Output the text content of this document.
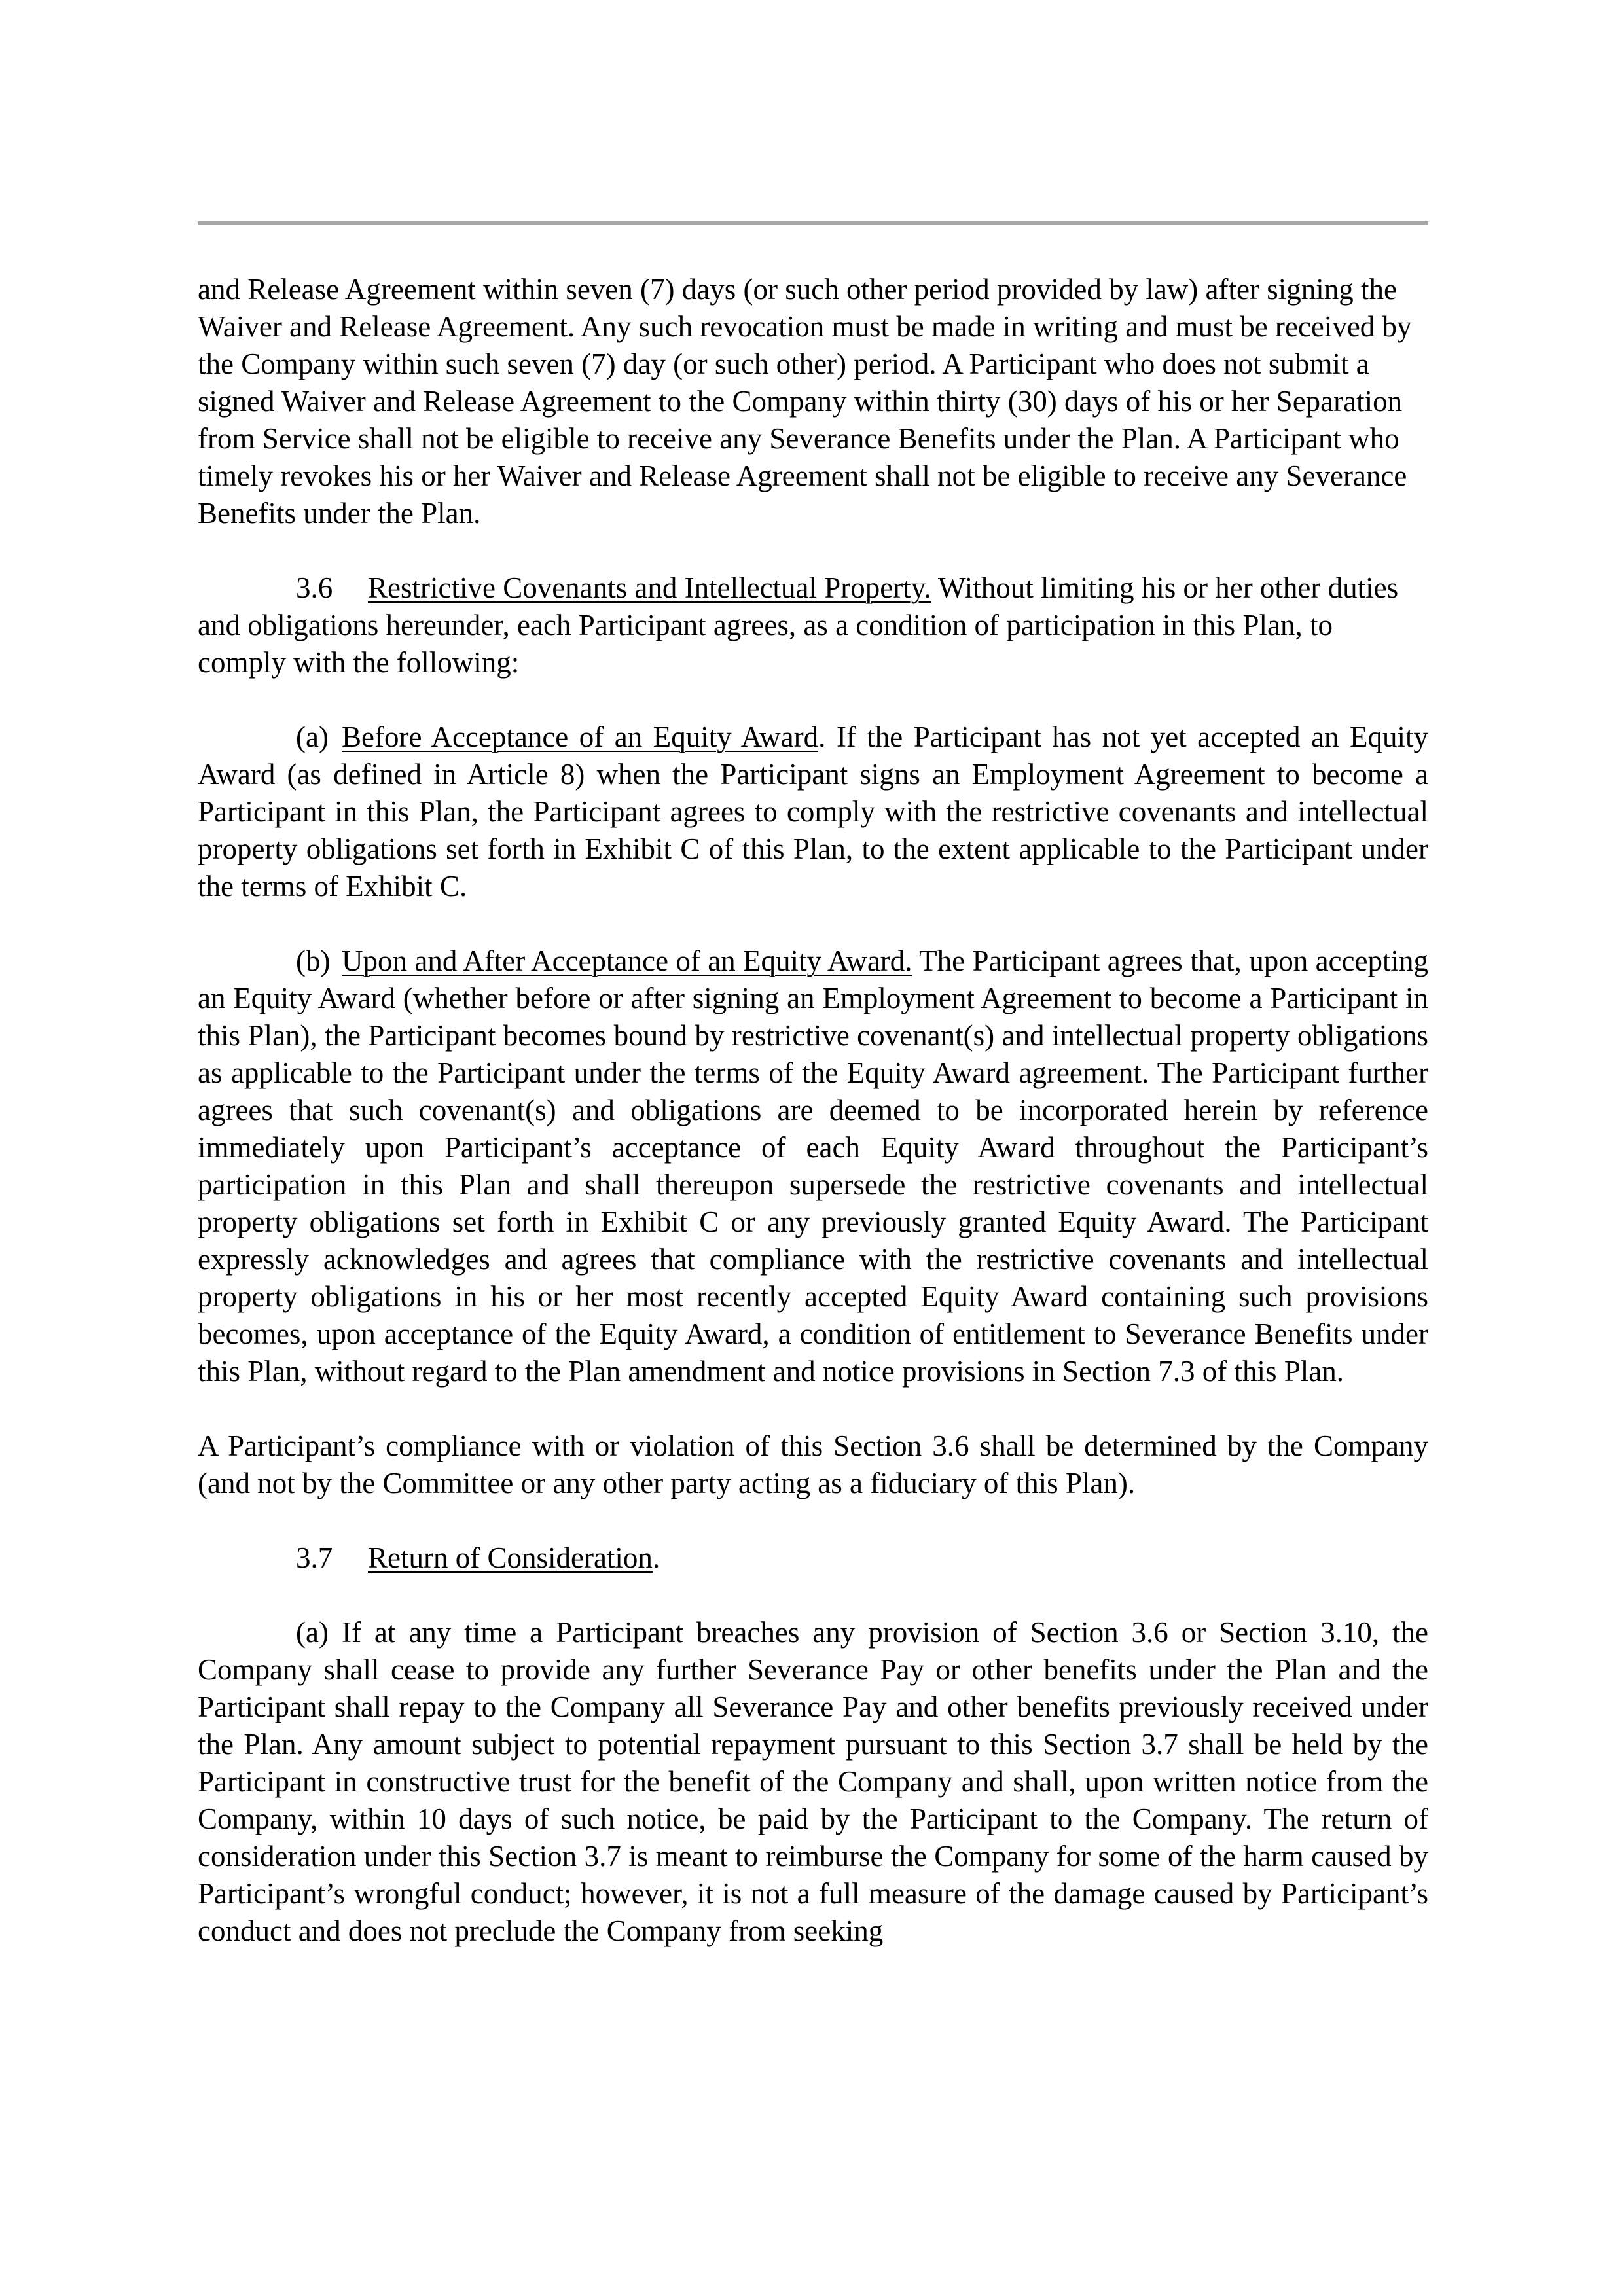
and Release Agreement within seven (7) days (or such other period provided by law) after signing the Waiver and Release Agreement. Any such revocation must be made in writing and must be received by the Company within such seven (7) day (or such other) period. A Participant who does not submit a signed Waiver and Release Agreement to the Company within thirty (30) days of his or her Separation from Service shall not be eligible to receive any Severance Benefits under the Plan. A Participant who timely revokes his or her Waiver and Release Agreement shall not be eligible to receive any Severance Benefits under the Plan.

3.6 Restrictive Covenants and Intellectual Property. Without limiting his or her other duties and obligations hereunder, each Participant agrees, as a condition of participation in this Plan, to comply with the following:

(a) Before Acceptance of an Equity Award. If the Participant has not yet accepted an Equity Award (as defined in Article 8) when the Participant signs an Employment Agreement to become a Participant in this Plan, the Participant agrees to comply with the restrictive covenants and intellectual property obligations set forth in Exhibit C of this Plan, to the extent applicable to the Participant under the terms of Exhibit C.

(b) Upon and After Acceptance of an Equity Award. The Participant agrees that, upon accepting an Equity Award (whether before or after signing an Employment Agreement to become a Participant in this Plan), the Participant becomes bound by restrictive covenant(s) and intellectual property obligations as applicable to the Participant under the terms of the Equity Award agreement. The Participant further agrees that such covenant(s) and obligations are deemed to be incorporated herein by reference immediately upon Participant’s acceptance of each Equity Award throughout the Participant’s participation in this Plan and shall thereupon supersede the restrictive covenants and intellectual property obligations set forth in Exhibit C or any previously granted Equity Award. The Participant expressly acknowledges and agrees that compliance with the restrictive covenants and intellectual property obligations in his or her most recently accepted Equity Award containing such provisions becomes, upon acceptance of the Equity Award, a condition of entitlement to Severance Benefits under this Plan, without regard to the Plan amendment and notice provisions in Section 7.3 of this Plan.

A Participant’s compliance with or violation of this Section 3.6 shall be determined by the Company (and not by the Committee or any other party acting as a fiduciary of this Plan).

3.7 Return of Consideration.

(a) If at any time a Participant breaches any provision of Section 3.6 or Section 3.10, the Company shall cease to provide any further Severance Pay or other benefits under the Plan and the Participant shall repay to the Company all Severance Pay and other benefits previously received under the Plan. Any amount subject to potential repayment pursuant to this Section 3.7 shall be held by the Participant in constructive trust for the benefit of the Company and shall, upon written notice from the Company, within 10 days of such notice, be paid by the Participant to the Company. The return of consideration under this Section 3.7 is meant to reimburse the Company for some of the harm caused by Participant’s wrongful conduct; however, it is not a full measure of the damage caused by Participant’s conduct and does not preclude the Company from seeking
